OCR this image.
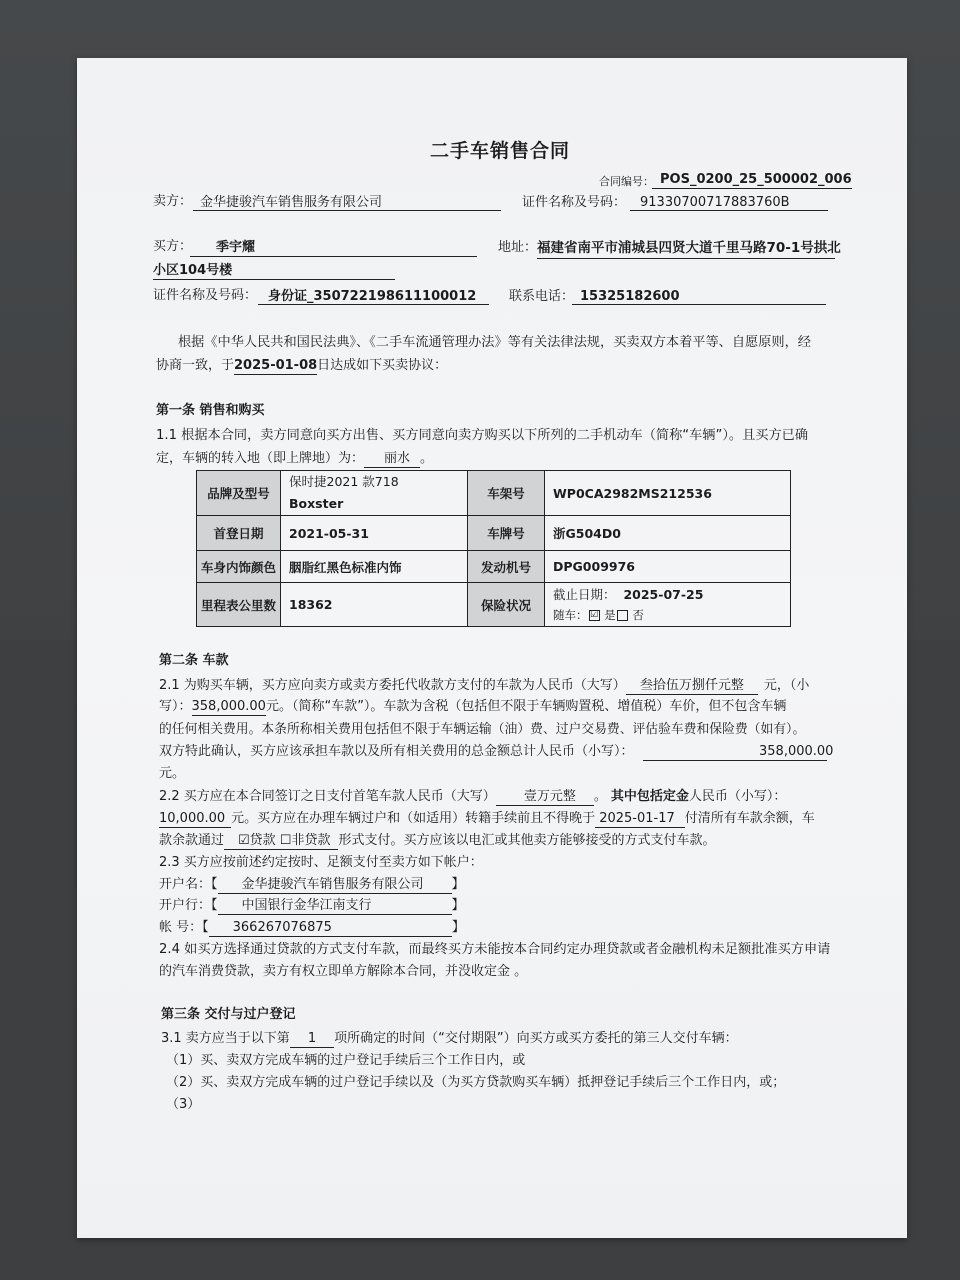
二手车销售合同
合同编号： POS_0200_25_500002_006
卖方： 金华捷骏汽车销售服务有限公司	证件名称及号码： 91330700717883760B
买方： 季宇耀	地址： 福建省南平市浦城县四贤大道千里马路70-1号拱北
小区104号楼
证件名称及号码： 身份证_350722198611100012	联系电话： 15325182600
根据《中华人民共和国民法典》、《二手车流通管理办法》等有关法律法规，买卖双方本着平等、自愿原则，经
协商一致，于2025-01-08日达成如下买卖协议：
第一条 销售和购买
1.1 根据本合同，卖方同意向买方出售、买方同意向卖方购买以下所列的二手机动车（简称“车辆”）。且买方已确
定，车辆的转入地（即上牌地）为： 丽水 。
品牌及型号	保时捷2021 款718
Boxster	车架号	WP0CA2982MS212536
首登日期	2021-05-31	车牌号	浙G504D0
车身内饰颜色	胭脂红黑色标准内饰	发动机号	DPG009976
里程表公里数	18362	保险状况	截止日期： 2025-07-25
随车： ☑ 是 否
第二条 车款
2.1 为购买车辆，买方应向卖方或卖方委托代收款方支付的车款为人民币（大写） 叁拾伍万捌仟元整 元，（小
写）：358,000.00元。（简称“车款”）。车款为含税（包括但不限于车辆购置税、增值税）车价，但不包含车辆
的任何相关费用。本条所称相关费用包括但不限于车辆运输（油）费、过户交易费、评估验车费和保险费（如有）。
双方特此确认，买方应该承担车款以及所有相关费用的总金额总计人民币（小写）：	358,000.00
元。
2.2 买方应在本合同签订之日支付首笔车款人民币（大写） 壹万元整 。 其中包括定金人民币（小写）：
10,000.00 元。买方应在办理车辆过户和（如适用）转籍手续前且不得晚于 2025-01-17 付清所有车款余额，车
款余款通过 ☑贷款 ☐非贷款 形式支付。买方应该以电汇或其他卖方能够接受的方式支付车款。
2.3 买方应按前述约定按时、足额支付至卖方如下帐户：
开户名：【 金华捷骏汽车销售服务有限公司 】
开户行：【 中国银行金华江南支行	】
帐 号：【 366267076875	】
2.4 如买方选择通过贷款的方式支付车款，而最终买方未能按本合同约定办理贷款或者金融机构未足额批准买方申请
的汽车消费贷款，卖方有权立即单方解除本合同，并没收定金 。
第三条 交付与过户登记
3.1 卖方应当于以下第 1 项所确定的时间（“交付期限”）向买方或买方委托的第三人交付车辆：
（1）买、卖双方完成车辆的过户登记手续后三个工作日内，或
（2）买、卖双方完成车辆的过户登记手续以及（为买方贷款购买车辆）抵押登记手续后三个工作日内，或；
（3）
